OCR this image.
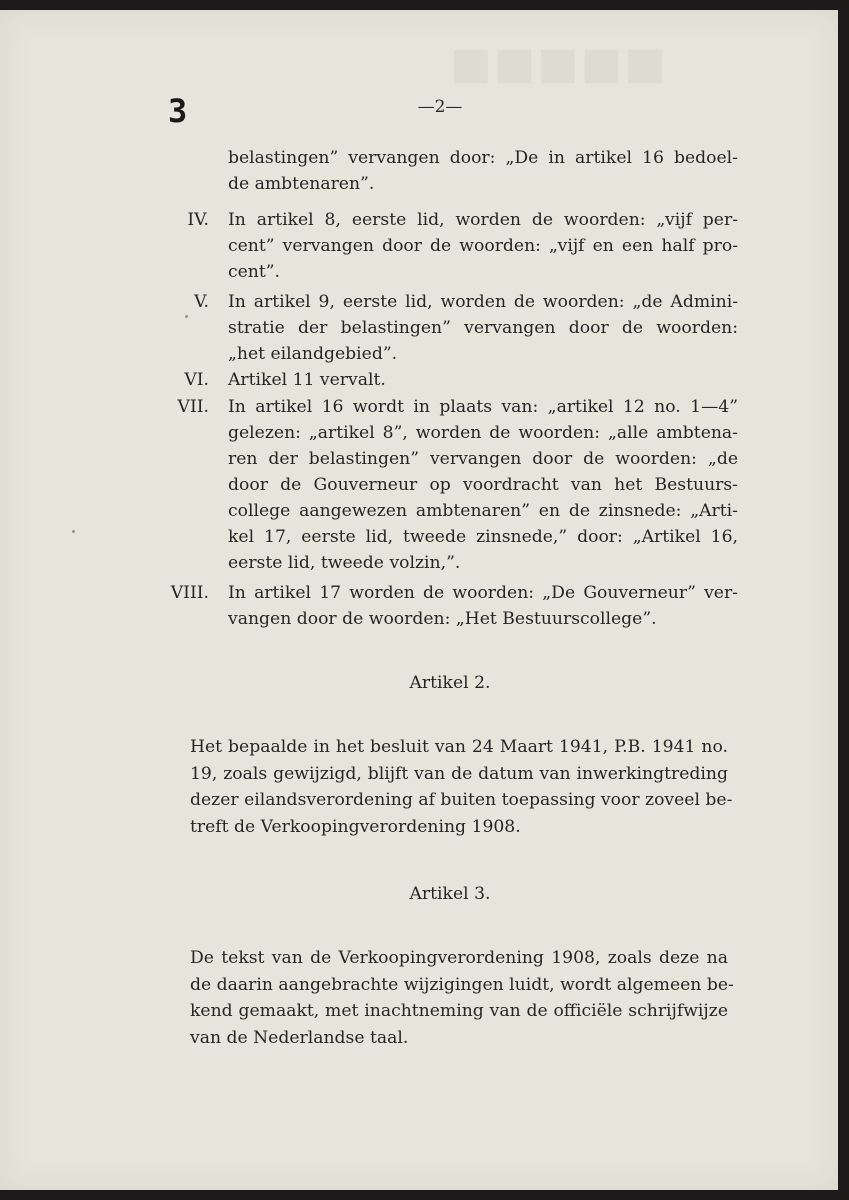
■■■■■
3	—2—
belastingen” vervangen door: „De in artikel 16 bedoel-
de ambtenaren”.
IV. In artikel 8, eerste lid, worden de woorden: „vijf per-
cent” vervangen door de woorden: „vijf en een half pro-
cent”.
V. In artikel 9, eerste lid, worden de woorden: „de Admini-
stratie der belastingen” vervangen door de woorden:
„het eilandgebied”.
VI. Artikel 11 vervalt.
VII. In artikel 16 wordt in plaats van: „artikel 12 no. 1—4”
gelezen: „artikel 8”, worden de woorden: „alle ambtena-
ren der belastingen” vervangen door de woorden: „de
door de Gouverneur op voordracht van het Bestuurs-
college aangewezen ambtenaren” en de zinsnede: „Arti-
kel 17, eerste lid, tweede zinsnede,” door: „Artikel 16,
eerste lid, tweede volzin,”.
VIII. In artikel 17 worden de woorden: „De Gouverneur” ver-
vangen door de woorden: „Het Bestuurscollege”.
Artikel 2.
Het bepaalde in het besluit van 24 Maart 1941, P.B. 1941 no.
19, zoals gewijzigd, blijft van de datum van inwerkingtreding
dezer eilandsverordening af buiten toepassing voor zoveel be-
treft de Verkoopingverordening 1908.
Artikel 3.
De tekst van de Verkoopingverordening 1908, zoals deze na
de daarin aangebrachte wijzigingen luidt, wordt algemeen be-
kend gemaakt, met inachtneming van de officiële schrijfwijze
van de Nederlandse taal.
